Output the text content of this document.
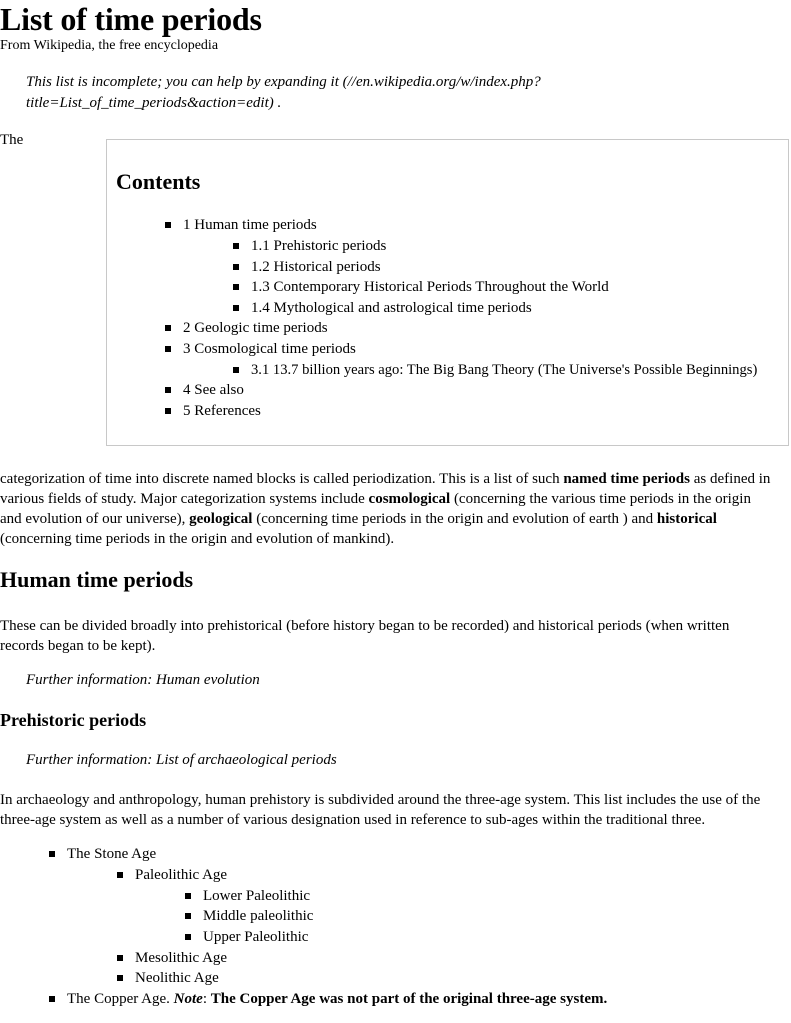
List of time periods
From Wikipedia, the free encyclopedia
This list is incomplete; you can help by expanding it (//en.wikipedia.org/w/index.php?
title=List_of_time_periods&action=edit) .
The
Contents
1 Human time periods
1.1 Prehistoric periods
1.2 Historical periods
1.3 Contemporary Historical Periods Throughout the World
1.4 Mythological and astrological time periods
2 Geologic time periods
3 Cosmological time periods
3.1 13.7 billion years ago: The Big Bang Theory (The Universe's Possible Beginnings)
4 See also
5 References
categorization of time into discrete named blocks is called periodization. This is a list of such named time periods as defined in
various fields of study. Major categorization systems include cosmological (concerning the various time periods in the origin
and evolution of our universe), geological (concerning time periods in the origin and evolution of earth ) and historical
(concerning time periods in the origin and evolution of mankind).
Human time periods
These can be divided broadly into prehistorical (before history began to be recorded) and historical periods (when written
records began to be kept).
Further information: Human evolution
Prehistoric periods
Further information: List of archaeological periods
In archaeology and anthropology, human prehistory is subdivided around the three-age system. This list includes the use of the
three-age system as well as a number of various designation used in reference to sub-ages within the traditional three.
The Stone Age
Paleolithic Age
Lower Paleolithic
Middle paleolithic
Upper Paleolithic
Mesolithic Age
Neolithic Age
The Copper Age. Note: The Copper Age was not part of the original three-age system.
